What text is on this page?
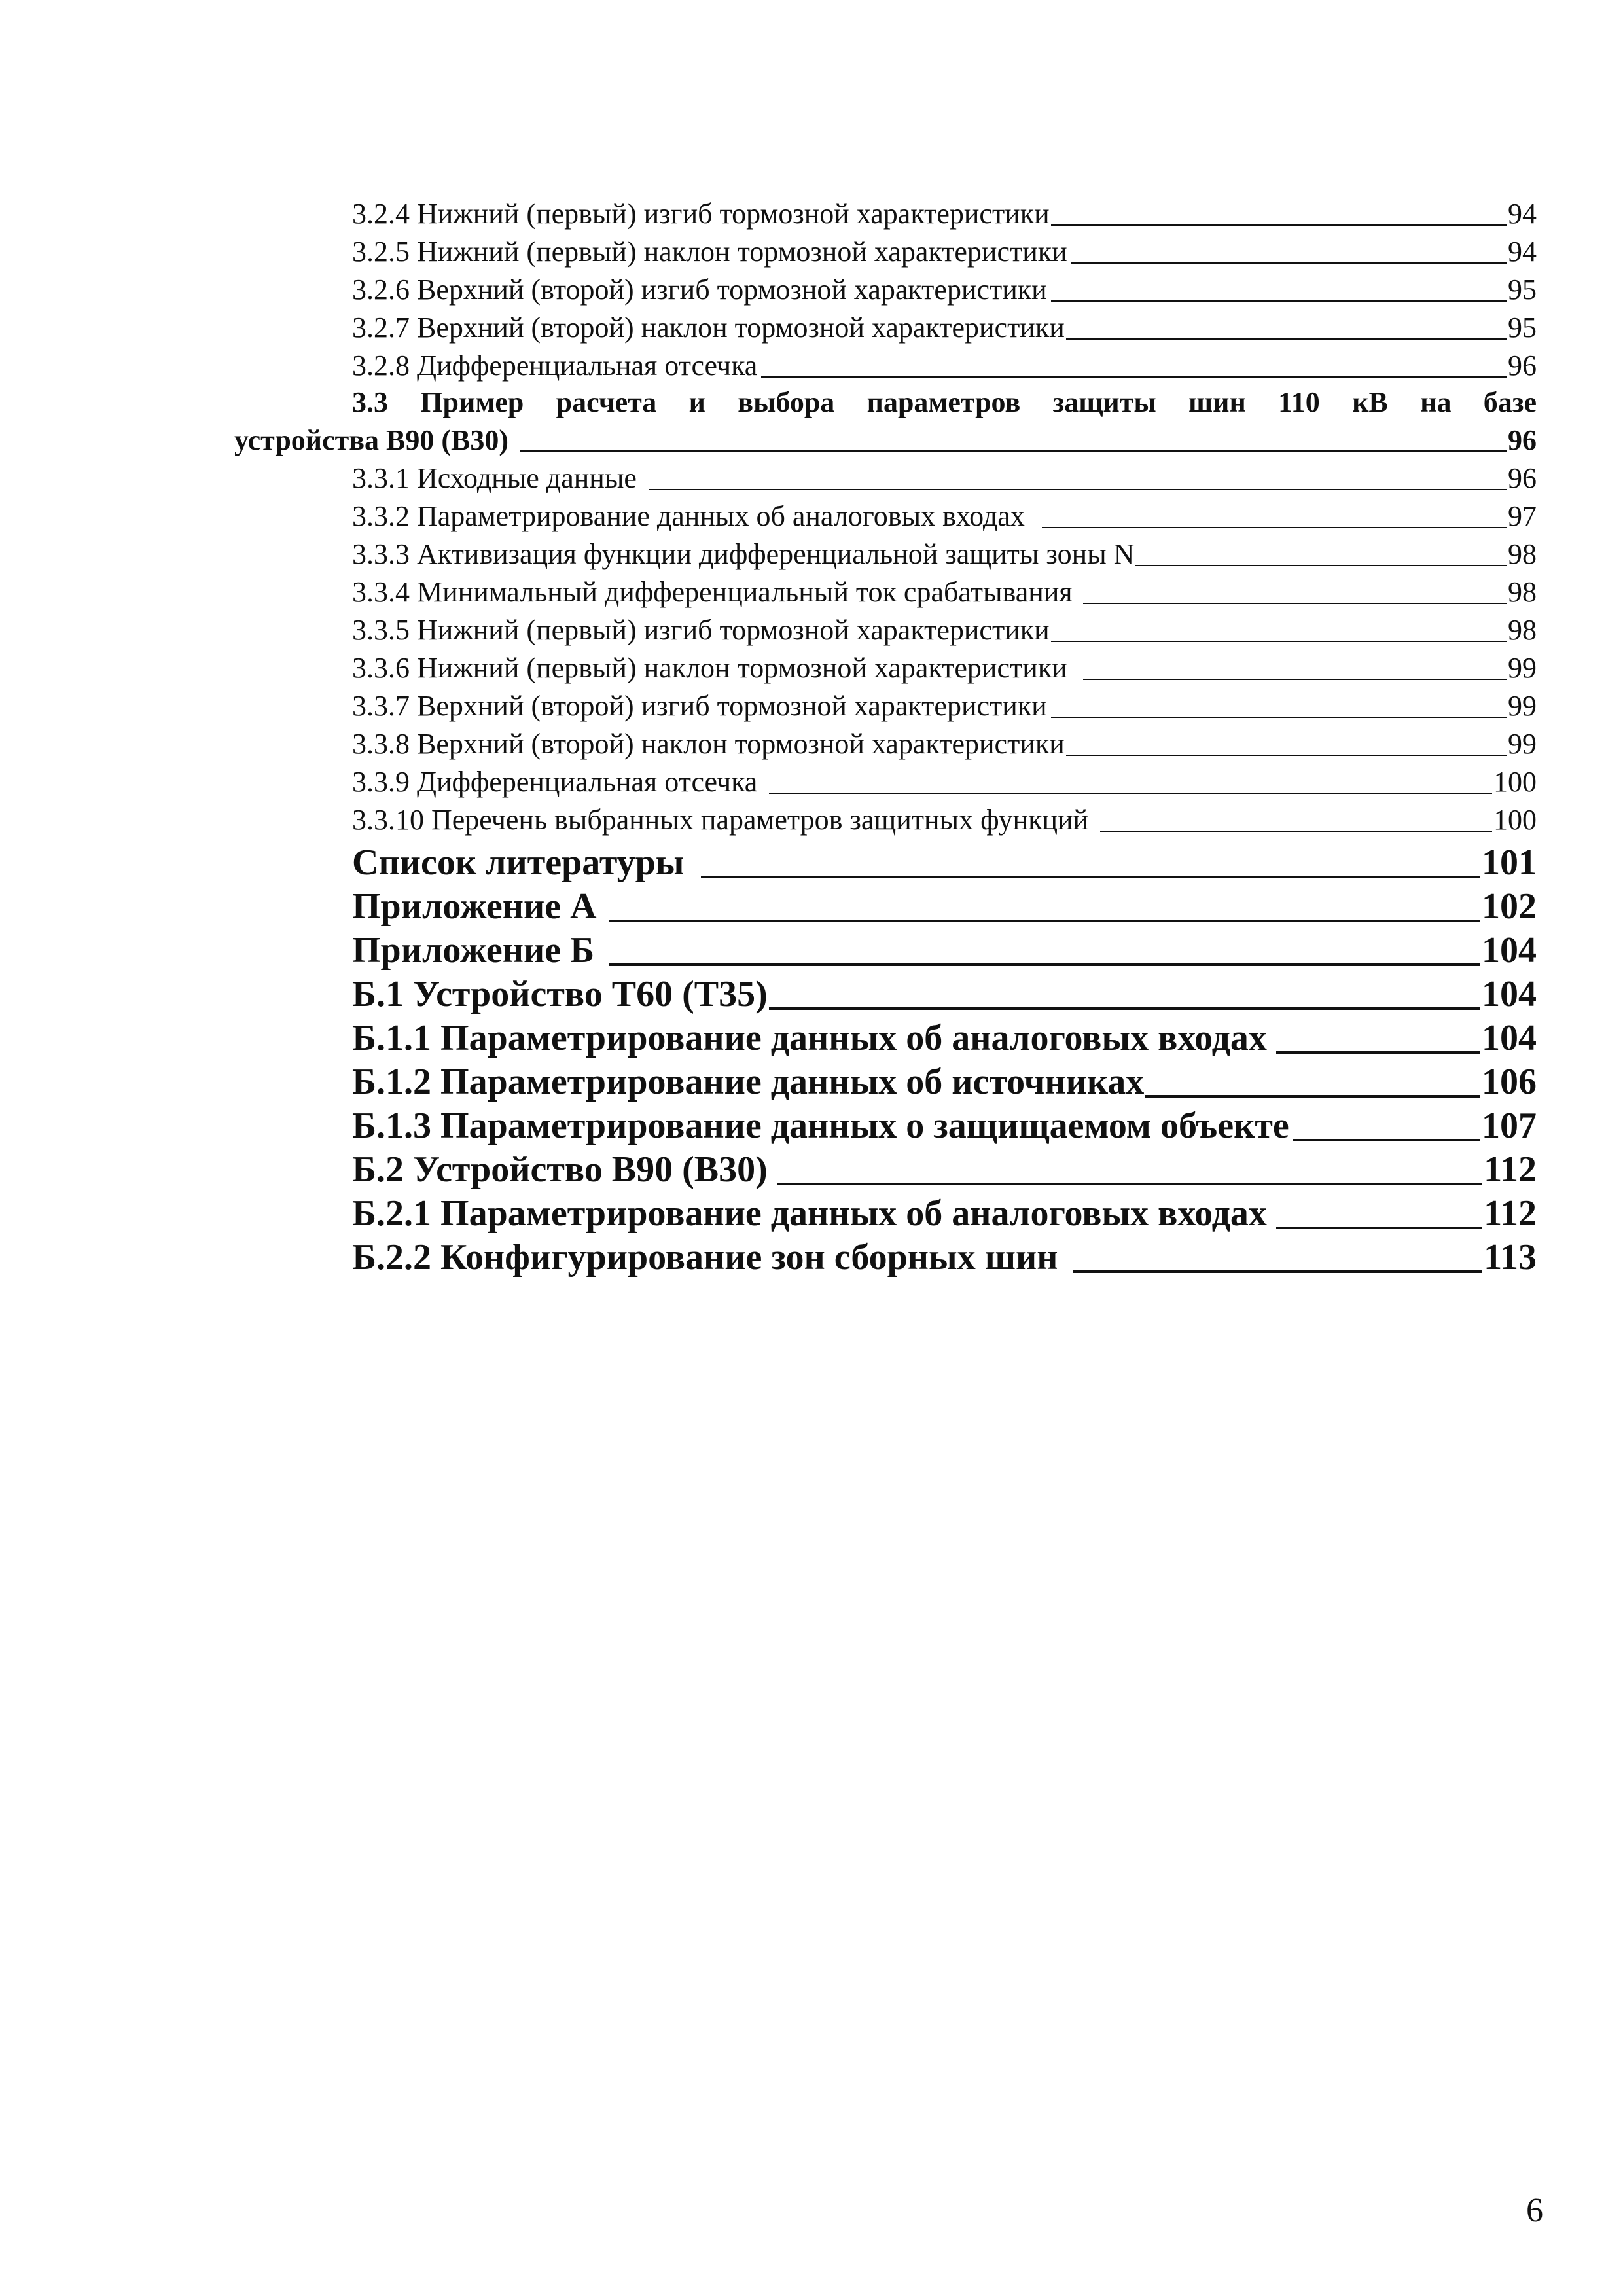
3.2.4 Нижний (первый) изгиб тормозной характеристики	94
3.2.5 Нижний (первый) наклон тормозной характеристики	94
3.2.6 Верхний (второй) изгиб тормозной характеристики	95
3.2.7 Верхний (второй) наклон тормозной характеристики	95
3.2.8 Дифференциальная отсечка	96
3.3 Пример расчета и выбора параметров защиты шин 110 кВ на базе
устройства B90 (B30)	96
3.3.1 Исходные данные	96
3.3.2 Параметрирование данных об аналоговых входах	97
3.3.3 Активизация функции дифференциальной защиты зоны N	98
3.3.4 Минимальный дифференциальный ток срабатывания	98
3.3.5 Нижний (первый) изгиб тормозной характеристики	98
3.3.6 Нижний (первый) наклон тормозной характеристики	99
3.3.7 Верхний (второй) изгиб тормозной характеристики	99
3.3.8 Верхний (второй) наклон тормозной характеристики	99
3.3.9 Дифференциальная отсечка	100
3.3.10 Перечень выбранных параметров защитных функций	100
Список литературы	101
Приложение А	102
Приложение Б	104
Б.1 Устройство Т60 (Т35)	104
Б.1.1 Параметрирование данных об аналоговых входах	104
Б.1.2 Параметрирование данных об источниках	106
Б.1.3 Параметрирование данных о защищаемом объекте	107
Б.2 Устройство B90 (B30)	112
Б.2.1 Параметрирование данных об аналоговых входах	112
Б.2.2 Конфигурирование зон сборных шин	113
6
